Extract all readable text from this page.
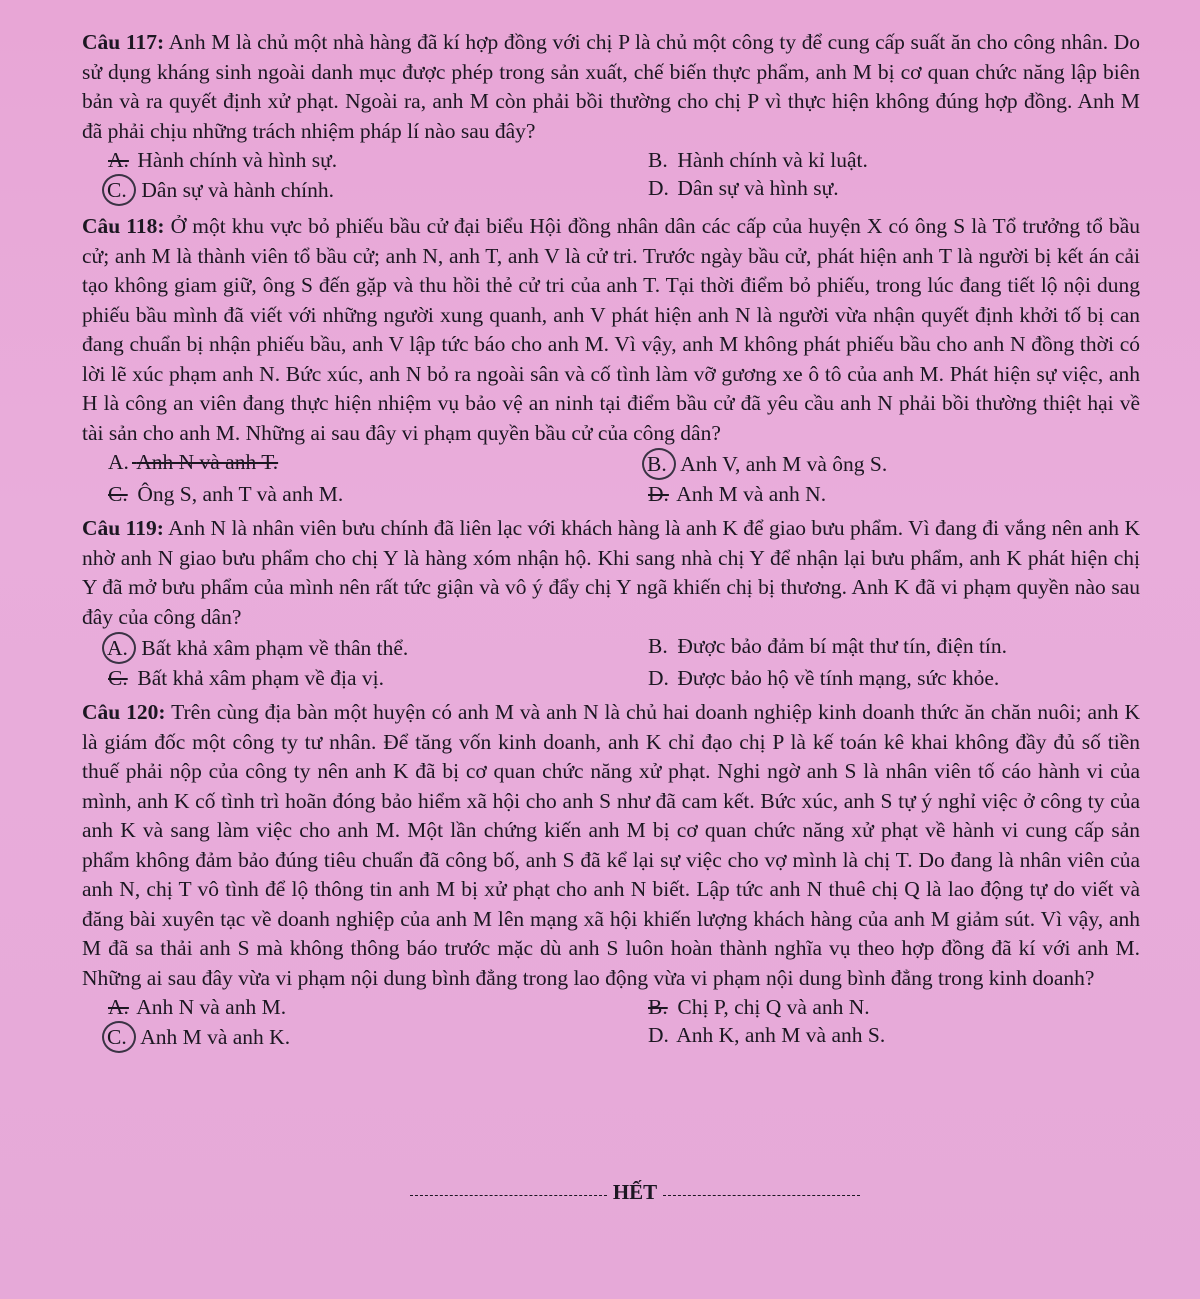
Câu 117: Anh M là chủ một nhà hàng đã kí hợp đồng với chị P là chủ một công ty để cung cấp suất ăn cho công nhân. Do sử dụng kháng sinh ngoài danh mục được phép trong sản xuất, chế biến thực phẩm, anh M bị cơ quan chức năng lập biên bản và ra quyết định xử phạt. Ngoài ra, anh M còn phải bồi thường cho chị P vì thực hiện không đúng hợp đồng. Anh M đã phải chịu những trách nhiệm pháp lí nào sau đây?

A. Hành chính và hình sự.	B. Hành chính và kỉ luật.
C. Dân sự và hành chính.	D. Dân sự và hình sự.

Câu 118: Ở một khu vực bỏ phiếu bầu cử đại biểu Hội đồng nhân dân các cấp của huyện X có ông S là Tổ trưởng tổ bầu cử; anh M là thành viên tổ bầu cử; anh N, anh T, anh V là cử tri. Trước ngày bầu cử, phát hiện anh T là người bị kết án cải tạo không giam giữ, ông S đến gặp và thu hồi thẻ cử tri của anh T. Tại thời điểm bỏ phiếu, trong lúc đang tiết lộ nội dung phiếu bầu mình đã viết với những người xung quanh, anh V phát hiện anh N là người vừa nhận quyết định khởi tố bị can đang chuẩn bị nhận phiếu bầu, anh V lập tức báo cho anh M. Vì vậy, anh M không phát phiếu bầu cho anh N đồng thời có lời lẽ xúc phạm anh N. Bức xúc, anh N bỏ ra ngoài sân và cố tình làm vỡ gương xe ô tô của anh M. Phát hiện sự việc, anh H là công an viên đang thực hiện nhiệm vụ bảo vệ an ninh tại điểm bầu cử đã yêu cầu anh N phải bồi thường thiệt hại về tài sản cho anh M. Những ai sau đây vi phạm quyền bầu cử của công dân?

A. Anh N và anh T.	B. Anh V, anh M và ông S.
C. Ông S, anh T và anh M.	D. Anh M và anh N.

Câu 119: Anh N là nhân viên bưu chính đã liên lạc với khách hàng là anh K để giao bưu phẩm. Vì đang đi vắng nên anh K nhờ anh N giao bưu phẩm cho chị Y là hàng xóm nhận hộ. Khi sang nhà chị Y để nhận lại bưu phẩm, anh K phát hiện chị Y đã mở bưu phẩm của mình nên rất tức giận và vô ý đẩy chị Y ngã khiến chị bị thương. Anh K đã vi phạm quyền nào sau đây của công dân?

A. Bất khả xâm phạm về thân thể.	B. Được bảo đảm bí mật thư tín, điện tín.
C. Bất khả xâm phạm về địa vị.	D. Được bảo hộ về tính mạng, sức khỏe.

Câu 120: Trên cùng địa bàn một huyện có anh M và anh N là chủ hai doanh nghiệp kinh doanh thức ăn chăn nuôi; anh K là giám đốc một công ty tư nhân. Để tăng vốn kinh doanh, anh K chỉ đạo chị P là kế toán kê khai không đầy đủ số tiền thuế phải nộp của công ty nên anh K đã bị cơ quan chức năng xử phạt. Nghi ngờ anh S là nhân viên tố cáo hành vi của mình, anh K cố tình trì hoãn đóng bảo hiểm xã hội cho anh S như đã cam kết. Bức xúc, anh S tự ý nghỉ việc ở công ty của anh K và sang làm việc cho anh M. Một lần chứng kiến anh M bị cơ quan chức năng xử phạt về hành vi cung cấp sản phẩm không đảm bảo đúng tiêu chuẩn đã công bố, anh S đã kể lại sự việc cho vợ mình là chị T. Do đang là nhân viên của anh N, chị T vô tình để lộ thông tin anh M bị xử phạt cho anh N biết. Lập tức anh N thuê chị Q là lao động tự do viết và đăng bài xuyên tạc về doanh nghiệp của anh M lên mạng xã hội khiến lượng khách hàng của anh M giảm sút. Vì vậy, anh M đã sa thải anh S mà không thông báo trước mặc dù anh S luôn hoàn thành nghĩa vụ theo hợp đồng đã kí với anh M. Những ai sau đây vừa vi phạm nội dung bình đẳng trong lao động vừa vi phạm nội dung bình đẳng trong kinh doanh?

A. Anh N và anh M.	B. Chị P, chị Q và anh N.
C. Anh M và anh K.	D. Anh K, anh M và anh S.
HẾT
